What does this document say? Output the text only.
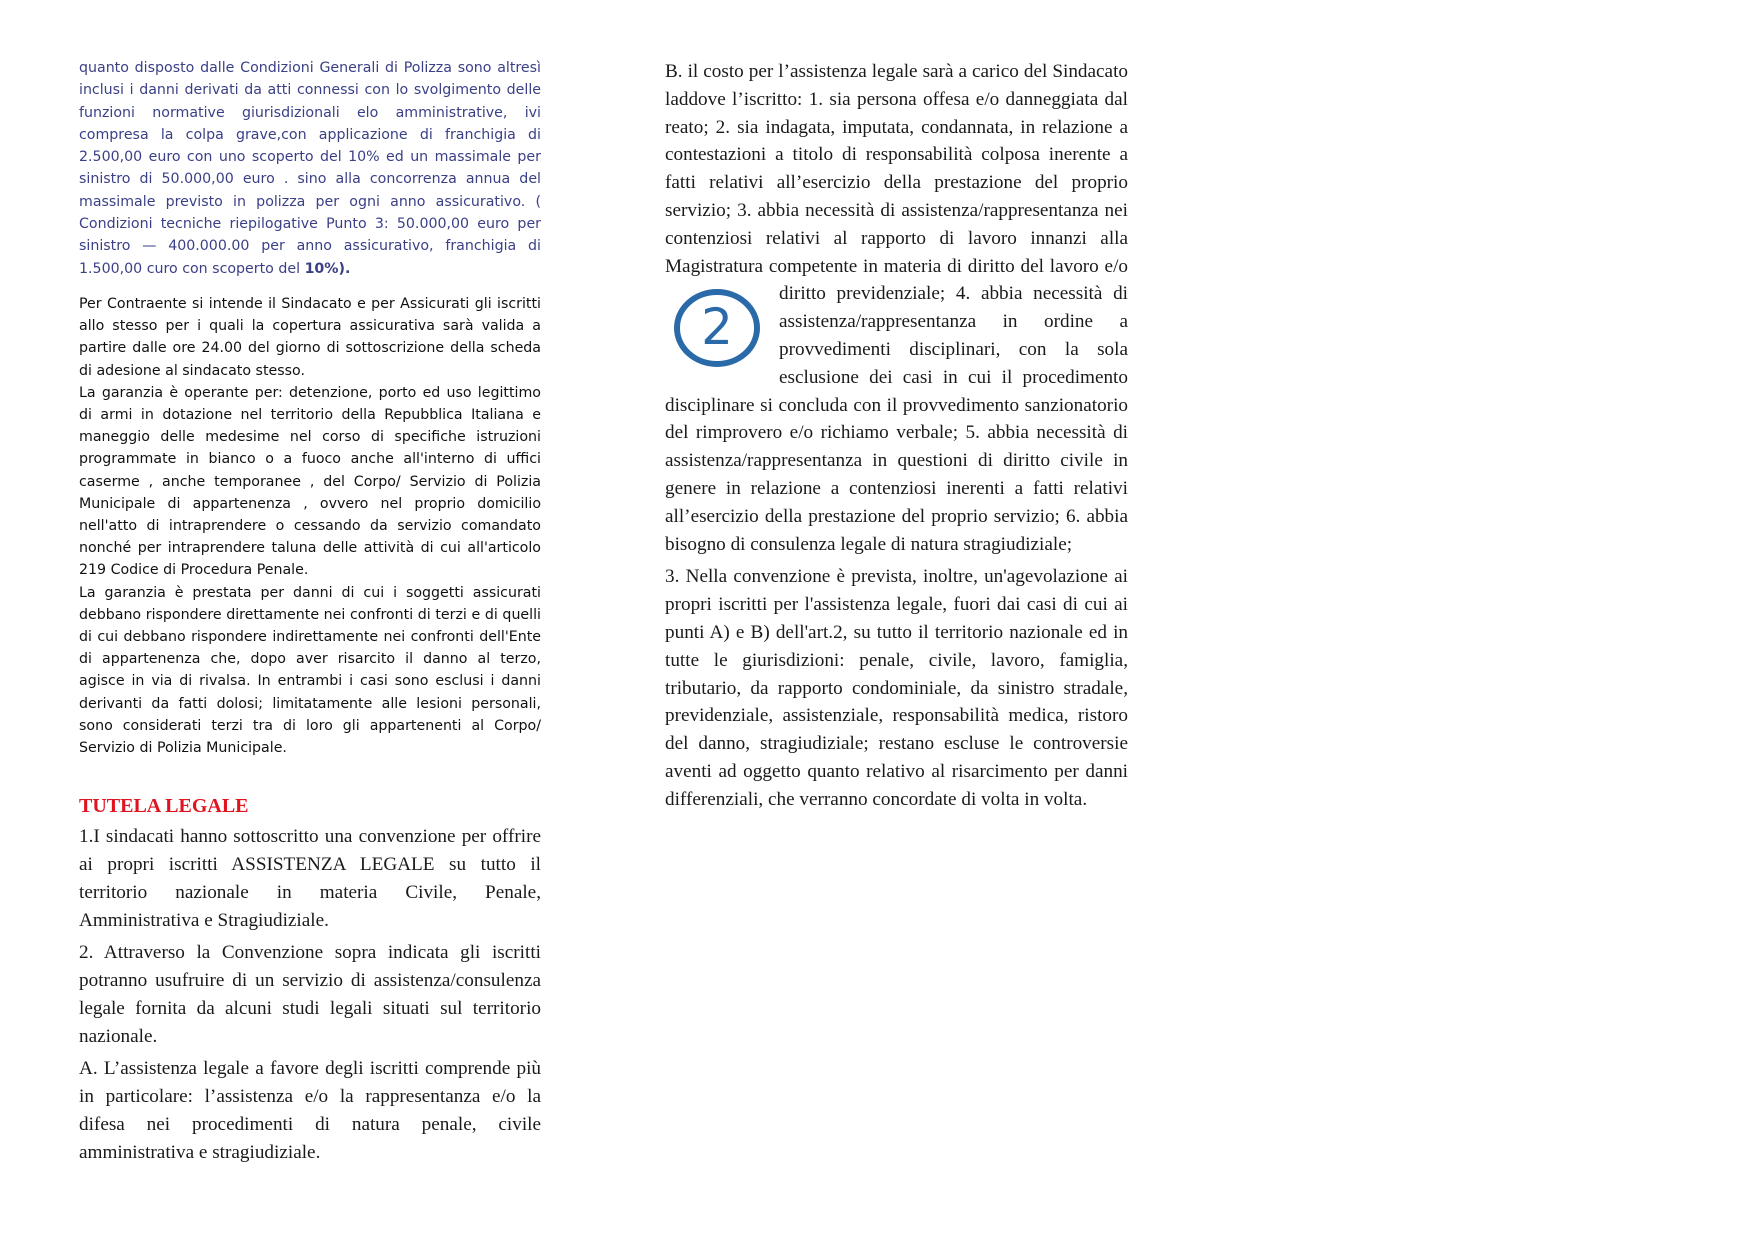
quanto disposto dalle Condizioni Generali di Polizza sono altresì inclusi i danni derivati da atti connessi con lo svolgimento delle funzioni normative giurisdizionali elo amministrative, ivi compresa la colpa grave,con applicazione di franchigia di 2.500,00 euro con uno scoperto del 10% ed un massimale per sinistro di 50.000,00 euro . sino alla concorrenza annua del massimale previsto in polizza per ogni anno assicurativo. ( Condizioni tecniche riepilogative Punto 3: 50.000,00 euro per sinistro — 400.000.00 per anno assicurativo, franchigia di 1.500,00 curo con scoperto del 10%).

Per Contraente si intende il Sindacato e per Assicurati gli iscritti allo stesso per i quali la copertura assicurativa sarà valida a partire dalle ore 24.00 del giorno di sottoscrizione della scheda di adesione al sindacato stesso.

La garanzia è operante per: detenzione, porto ed uso legittimo di armi in dotazione nel territorio della Repubblica Italiana e maneggio delle medesime nel corso di specifiche istruzioni programmate in bianco o a fuoco anche all'interno di uffici caserme , anche temporanee , del Corpo/ Servizio di Polizia Municipale di appartenenza , ovvero nel proprio domicilio nell'atto di intraprendere o cessando da servizio comandato nonché per intraprendere taluna delle attività di cui all'articolo 219 Codice di Procedura Penale.

La garanzia è prestata per danni di cui i soggetti assicurati debbano rispondere direttamente nei confronti di terzi e di quelli di cui debbano rispondere indirettamente nei confronti dell'Ente di appartenenza che, dopo aver risarcito il danno al terzo, agisce in via di rivalsa. In entrambi i casi sono esclusi i danni derivanti da fatti dolosi; limitatamente alle lesioni personali, sono considerati terzi tra di loro gli appartenenti al Corpo/ Servizio di Polizia Municipale.

TUTELA LEGALE

1.I sindacati hanno sottoscritto una convenzione per offrire ai propri iscritti ASSISTENZA LEGALE su tutto il territorio nazionale in materia Civile, Penale, Amministrativa e Stragiudiziale.

2. Attraverso la Convenzione sopra indicata gli iscritti potranno usufruire di un servizio di assistenza/consulenza legale fornita da alcuni studi legali situati sul territorio nazionale.

A. L’assistenza legale a favore degli iscritti comprende più in particolare: l’assistenza e/o la rappresentanza e/o la difesa nei procedimenti di natura penale, civile amministrativa e stragiudiziale.

B. il costo per l’assistenza legale sarà a carico del Sindacato laddove l’iscritto: 1. sia persona offesa e/o danneggiata dal reato; 2. sia indagata, imputata, condannata, in relazione a contestazioni a titolo di responsabilità colposa inerente a fatti relativi all’esercizio della prestazione del proprio servizio; 3. abbia necessità di assistenza/rappresentanza nei contenziosi relativi al rapporto di lavoro innanzi alla Magistratura competente in materia di diritto del
2
lavoro e/o diritto previdenziale; 4. abbia necessità di assistenza/rappresentanza in ordine a provvedimenti disciplinari, con la sola esclusione dei casi in cui il procedimento disciplinare si concluda con il provvedimento sanzionatorio del rimprovero e/o richiamo verbale; 5. abbia necessità di assistenza/rappresentanza in questioni di diritto civile in genere in relazione a contenziosi inerenti a fatti relativi all’esercizio della prestazione del proprio servizio; 6. abbia bisogno di consulenza legale di natura stragiudiziale;

3. Nella convenzione è prevista, inoltre, un'agevolazione ai propri iscritti per l'assistenza legale, fuori dai casi di cui ai punti A) e B) dell'art.2, su tutto il territorio nazionale ed in tutte le giurisdizioni: penale, civile, lavoro, famiglia, tributario, da rapporto condominiale, da sinistro stradale, previdenziale, assistenziale, responsabilità medica, ristoro del danno, stragiudiziale; restano escluse le controversie aventi ad oggetto quanto relativo al risarcimento per danni differenziali, che verranno concordate di volta in volta.
